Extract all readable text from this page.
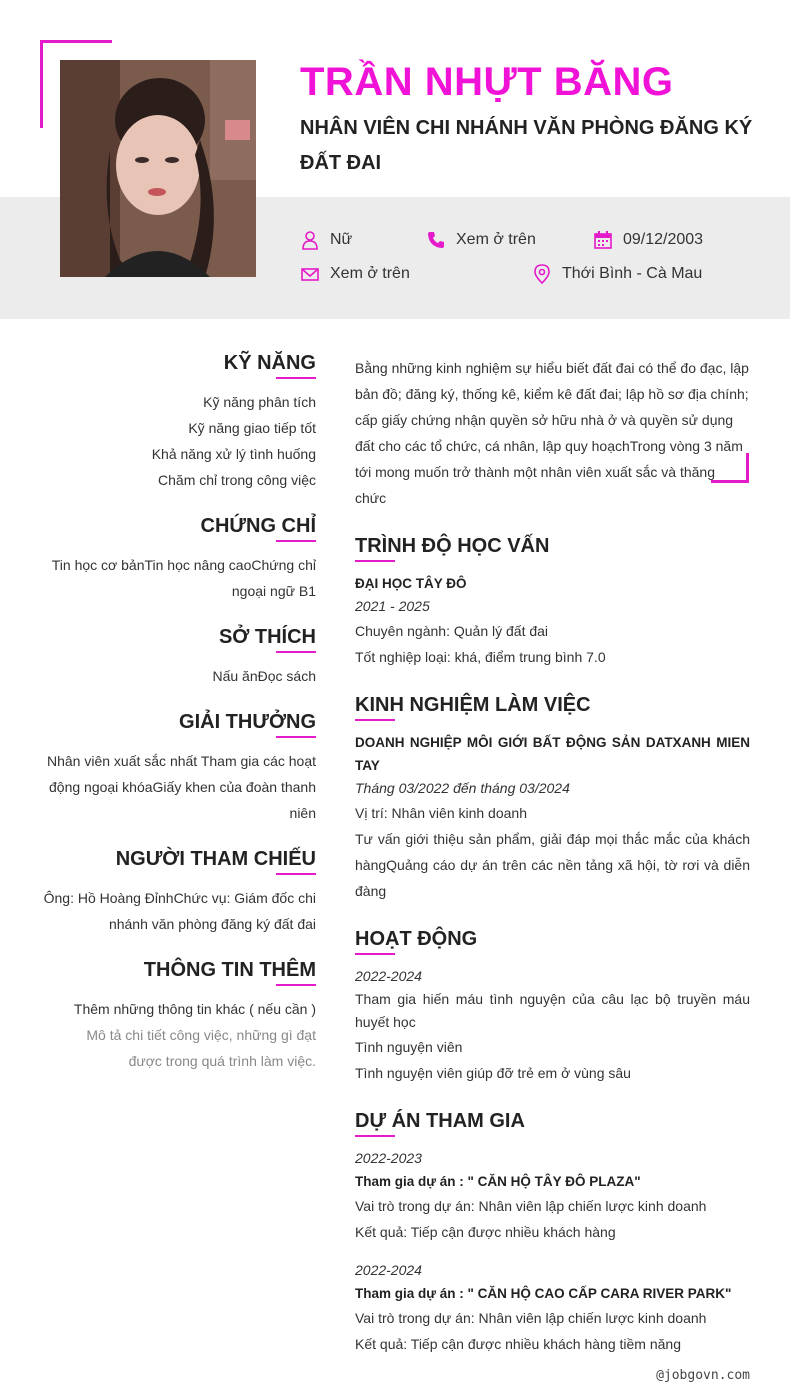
TRẦN NHỰT BĂNG
NHÂN VIÊN CHI NHÁNH VĂN PHÒNG ĐĂNG KÝ ĐẤT ĐAI
Nữ	Xem ở trên	09/12/2003
Xem ở trên	Thới Bình - Cà Mau
KỸ NĂNG
Kỹ năng phân tích
Kỹ năng giao tiếp tốt
Khả năng xử lý tình huống
Chăm chỉ trong công việc
CHỨNG CHỈ
Tin học cơ bảnTin học nâng caoChứng chỉ ngoại ngữ B1
SỞ THÍCH
Nấu ănĐọc sách
GIẢI THƯỞNG
Nhân viên xuất sắc nhất Tham gia các hoạt động ngoại khóaGiấy khen của đoàn thanh niên
NGƯỜI THAM CHIẾU
Ông: Hồ Hoàng ĐỉnhChức vụ: Giám đốc chi nhánh văn phòng đăng ký đất đai
THÔNG TIN THÊM
Thêm những thông tin khác ( nếu cần )
Mô tả chi tiết công việc, những gì đạt được trong quá trình làm việc.
Bằng những kinh nghiệm sự hiểu biết đất đai có thể đo đạc, lập bản đồ; đăng ký, thống kê, kiểm kê đất đai; lập hồ sơ địa chính; cấp giấy chứng nhận quyền sở hữu nhà ở và quyền sử dụng đất cho các tổ chức, cá nhân, lập quy hoạchTrong vòng 3 năm tới mong muốn trở thành một nhân viên xuất sắc và thăng chức
TRÌNH ĐỘ HỌC VẤN
ĐẠI HỌC TÂY ĐÔ
2021 - 2025
Chuyên ngành: Quản lý đất đai
Tốt nghiệp loại: khá, điểm trung bình 7.0
KINH NGHIỆM LÀM VIỆC
DOANH NGHIỆP MÔI GIỚI BẤT ĐỘNG SẢN DATXANH MIEN TAY
Tháng 03/2022 đến tháng 03/2024
Vị trí: Nhân viên kinh doanh
Tư vấn giới thiệu sản phẩm, giải đáp mọi thắc mắc của khách hàngQuảng cáo dự án trên các nền tảng xã hội, tờ rơi và diễn đàng
HOẠT ĐỘNG
2022-2024
Tham gia hiến máu tình nguyện của câu lạc bộ truyền máu huyết học
Tình nguyện viên
Tình nguyện viên giúp đỡ trẻ em ở vùng sâu
DỰ ÁN THAM GIA
2022-2023
Tham gia dự án : " CĂN HỘ TÂY ĐÔ PLAZA"
Vai trò trong dự án: Nhân viên lập chiến lược kinh doanh
Kết quả: Tiếp cận được nhiều khách hàng
2022-2024
Tham gia dự án : " CĂN HỘ CAO CẤP CARA RIVER PARK"
Vai trò trong dự án: Nhân viên lập chiến lược kinh doanh
Kết quả: Tiếp cận được nhiều khách hàng tiềm năng
@jobgovn.com
